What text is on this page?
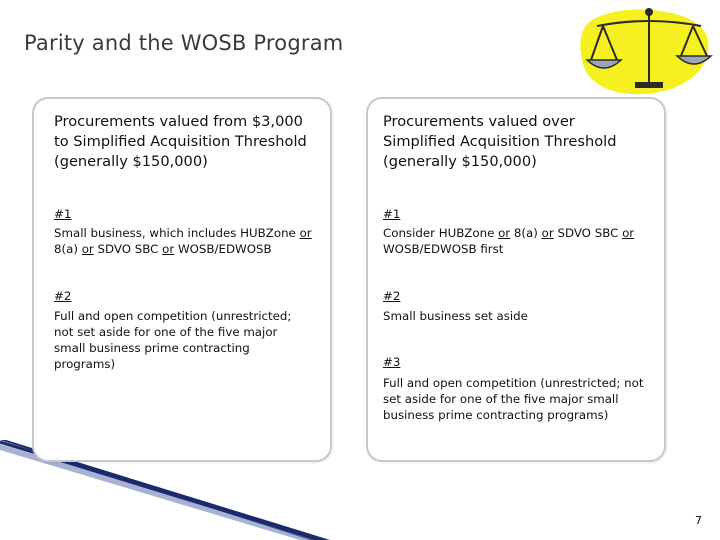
Parity and the WOSB Program
Procurements valued from $3,000
to Simplified Acquisition Threshold
(generally $150,000)
#1
Small business, which includes HUBZone or
8(a) or SDVO SBC or WOSB/EDWOSB
#2
Full and open competition (unrestricted;
not set aside for one of the five major
small business prime contracting
programs)
Procurements valued over
Simplified Acquisition Threshold
(generally $150,000)
#1
Consider HUBZone or 8(a) or SDVO SBC or
WOSB/EDWOSB first
#2
Small business set aside
#3
Full and open competition (unrestricted; not
set aside for one of the five major small
business prime contracting programs)
7
